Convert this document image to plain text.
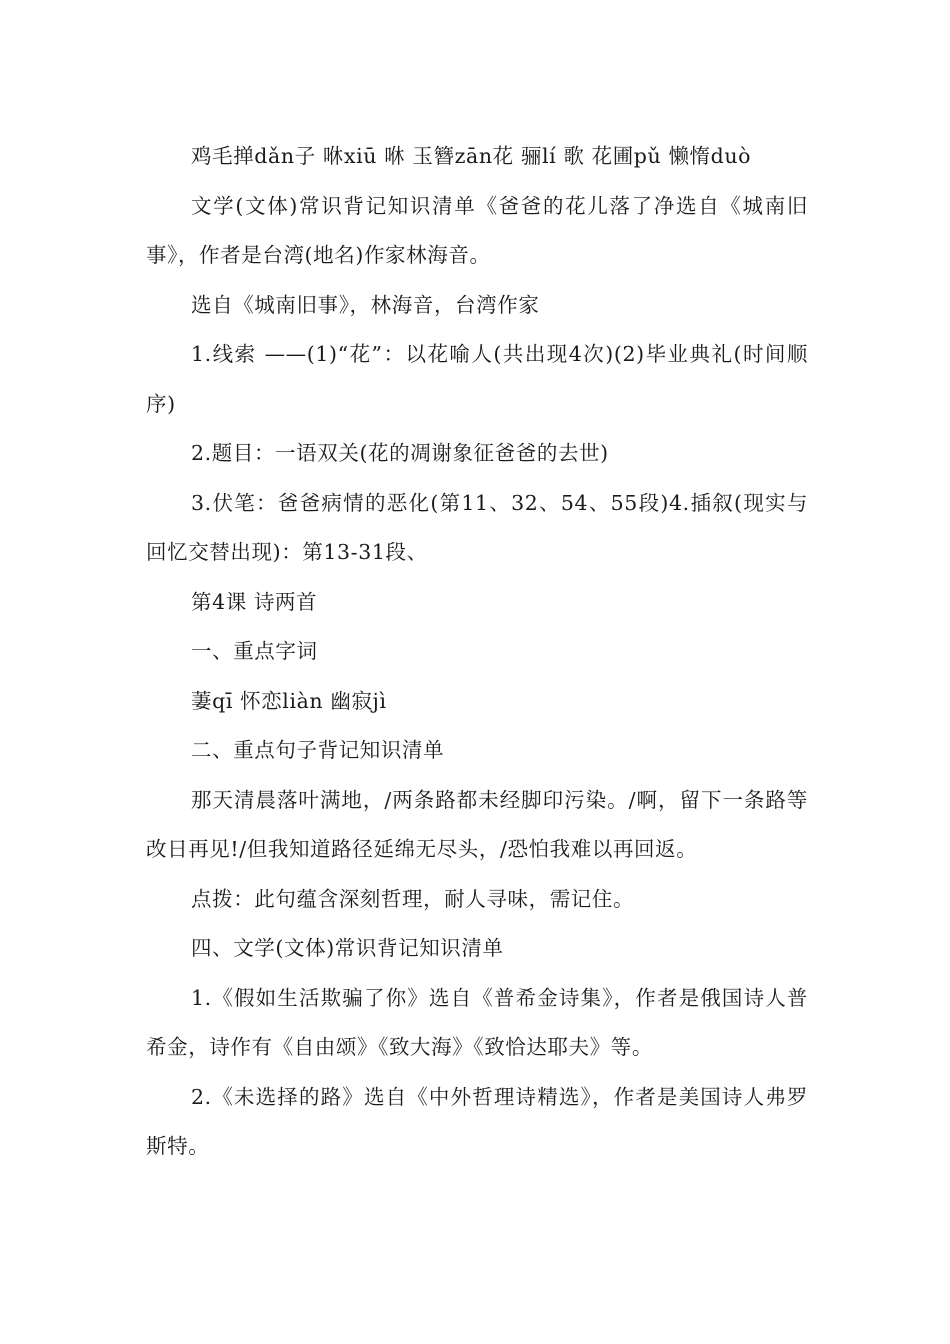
鸡毛掸dǎn子 咻xiū 咻 玉簪zān花 骊lí 歌 花圃pǔ 懒惰duò

文学(文体)常识背记知识清单《爸爸的花儿落了净选自《城南旧事》，作者是台湾(地名)作家林海音。

选自《城南旧事》，林海音，台湾作家

1.线索 ——(1)“花”：以花喻人(共出现4次)(2)毕业典礼(时间顺序)

2.题目：一语双关(花的凋谢象征爸爸的去世)

3.伏笔：爸爸病情的恶化(第11、32、54、55段)4.插叙(现实与回忆交替出现)：第13-31段、

第4课 诗两首

一、重点字词

萋qī 怀恋liàn 幽寂jì

二、重点句子背记知识清单

那天清晨落叶满地，/两条路都未经脚印污染。/啊，留下一条路等改日再见!/但我知道路径延绵无尽头，/恐怕我难以再回返。

点拨：此句蕴含深刻哲理，耐人寻味，需记住。

四、文学(文体)常识背记知识清单

1.《假如生活欺骗了你》选自《普希金诗集》，作者是俄国诗人普希金，诗作有《自由颂》《致大海》《致恰达耶夫》等。

2.《未选择的路》选自《中外哲理诗精选》，作者是美国诗人弗罗斯特。
